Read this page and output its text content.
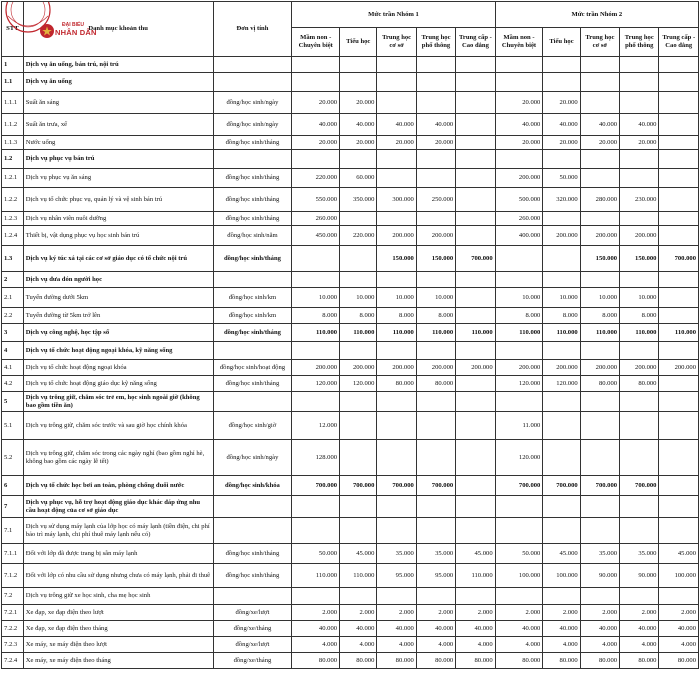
STT	Danh mục khoản thu	Đơn vị tính	Mức trần Nhóm 1					Mức trần Nhóm 2				
			Mầm non - Chuyên biệt	Tiểu học	Trung học cơ sở	Trung học phổ thông	Trung cấp - Cao đẳng	Mầm non - Chuyên biệt	Tiểu học	Trung học cơ sở	Trung học phổ thông	Trung cấp - Cao đẳng
1	Dịch vụ ăn uống, bán trú, nội trú											
1.1	Dịch vụ ăn uống											
1.1.1	Suất ăn sáng	đồng/học sinh/ngày	20.000	20.000				20.000	20.000			
1.1.2	Suất ăn trưa, xế	đồng/học sinh/ngày	40.000	40.000	40.000	40.000		40.000	40.000	40.000	40.000	
1.1.3	Nước uống	đồng/học sinh/tháng	20.000	20.000	20.000	20.000		20.000	20.000	20.000	20.000	
1.2	Dịch vụ phục vụ bán trú											
1.2.1	Dịch vụ phục vụ ăn sáng	đồng/học sinh/tháng	220.000	60.000				200.000	50.000			
1.2.2	Dịch vụ tổ chức phục vụ, quản lý và vệ sinh bán trú	đồng/học sinh/tháng	550.000	350.000	300.000	250.000		500.000	320.000	280.000	230.000	
1.2.3	Dịch vụ nhân viên nuôi dưỡng	đồng/học sinh/tháng	260.000					260.000				
1.2.4	Thiết bị, vật dụng phục vụ học sinh bán trú	đồng/học sinh/năm	450.000	220.000	200.000	200.000		400.000	200.000	200.000	200.000	
1.3	Dịch vụ ký túc xá tại các cơ sở giáo dục có tổ chức nội trú	đồng/học sinh/tháng			150.000	150.000	700.000			150.000	150.000	700.000
2	Dịch vụ đưa đón người học											
2.1	Tuyến đường dưới 5km	đồng/học sinh/km	10.000	10.000	10.000	10.000		10.000	10.000	10.000	10.000	
2.2	Tuyến đường từ 5km trở lên	đồng/học sinh/km	8.000	8.000	8.000	8.000		8.000	8.000	8.000	8.000	
3	Dịch vụ công nghệ, học tập số	đồng/học sinh/tháng	110.000	110.000	110.000	110.000	110.000	110.000	110.000	110.000	110.000	110.000
4	Dịch vụ tổ chức hoạt động ngoại khóa, kỹ năng sống											
4.1	Dịch vụ tổ chức hoạt động ngoại khóa	đồng/học sinh/hoạt động	200.000	200.000	200.000	200.000	200.000	200.000	200.000	200.000	200.000	200.000
4.2	Dịch vụ tổ chức hoạt động giáo dục kỹ năng sống	đồng/học sinh/tháng	120.000	120.000	80.000	80.000		120.000	120.000	80.000	80.000	
5	Dịch vụ trông giữ, chăm sóc trẻ em, học sinh ngoài giờ (không bao gồm tiền ăn)											
5.1	Dịch vụ trông giữ, chăm sóc trước và sau giờ học chính khóa	đồng/học sinh/giờ	12.000					11.000				
5.2	Dịch vụ trông giữ, chăm sóc trong các ngày nghỉ (bao gồm nghỉ hè, không bao gồm các ngày lễ tết)	đồng/học sinh/ngày	128.000					120.000				
6	Dịch vụ tổ chức học bơi an toàn, phòng chống đuối nước	đồng/học sinh/khóa	700.000	700.000	700.000	700.000		700.000	700.000	700.000	700.000	
7	Dịch vụ phục vụ, hỗ trợ hoạt động giáo dục khác đáp ứng nhu cầu hoạt động của cơ sở giáo dục											
7.1	Dịch vụ sử dụng máy lạnh của lớp học có máy lạnh (tiền điện, chi phí bảo trì máy lạnh, chi phí thuê máy lạnh nếu có)											
7.1.1	Đối với lớp đã được trang bị sẵn máy lạnh	đồng/học sinh/tháng	50.000	45.000	35.000	35.000	45.000	50.000	45.000	35.000	35.000	45.000
7.1.2	Đối với lớp có nhu cầu sử dụng nhưng chưa có máy lạnh, phải đi thuê	đồng/học sinh/tháng	110.000	110.000	95.000	95.000	110.000	100.000	100.000	90.000	90.000	100.000
7.2	Dịch vụ trông giữ xe học sinh, cha mẹ học sinh											
7.2.1	Xe đạp, xe đạp điện theo lượt	đồng/xe/lượt	2.000	2.000	2.000	2.000	2.000	2.000	2.000	2.000	2.000	2.000
7.2.2	Xe đạp, xe đạp điện theo tháng	đồng/xe/tháng	40.000	40.000	40.000	40.000	40.000	40.000	40.000	40.000	40.000	40.000
7.2.3	Xe máy, xe máy điện theo lượt	đồng/xe/lượt	4.000	4.000	4.000	4.000	4.000	4.000	4.000	4.000	4.000	4.000
7.2.4	Xe máy, xe máy điện theo tháng	đồng/xe/tháng	80.000	80.000	80.000	80.000	80.000	80.000	80.000	80.000	80.000	80.000
ĐẠI BIỂU
NHÂN DÂN
